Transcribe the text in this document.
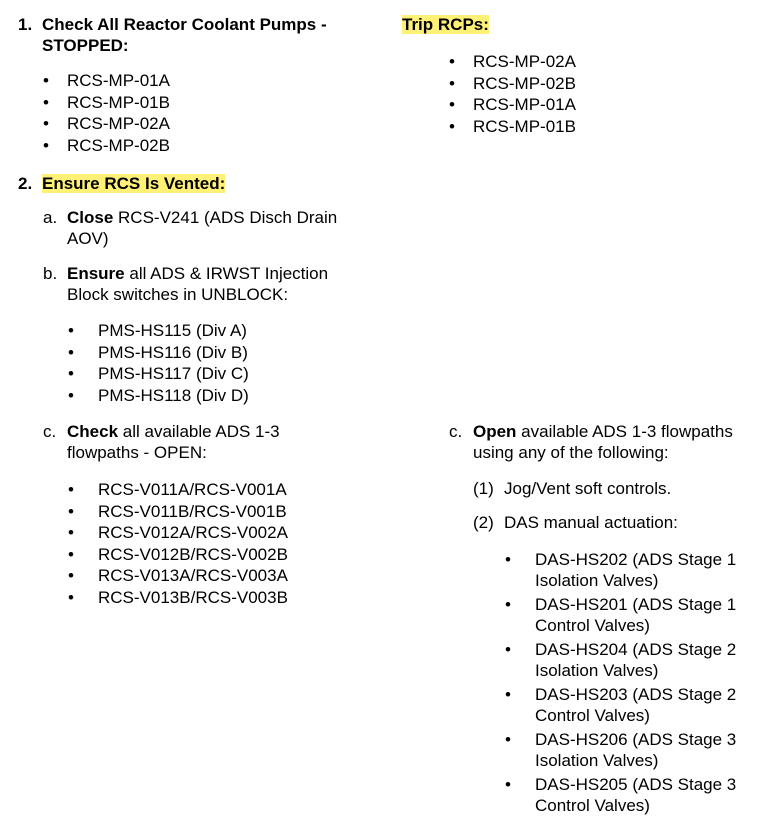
1. Check All Reactor Coolant Pumps -
STOPPED:
• RCS-MP-01A
• RCS-MP-01B
• RCS-MP-02A
• RCS-MP-02B
Trip RCPs:
• RCS-MP-02A
• RCS-MP-02B
• RCS-MP-01A
• RCS-MP-01B
2. Ensure RCS Is Vented:
a. Close RCS-V241 (ADS Disch Drain
AOV)
b. Ensure all ADS & IRWST Injection
Block switches in UNBLOCK:
• PMS-HS115 (Div A)
• PMS-HS116 (Div B)
• PMS-HS117 (Div C)
• PMS-HS118 (Div D)
c. Check all available ADS 1-3
flowpaths - OPEN:
• RCS-V011A/RCS-V001A
• RCS-V011B/RCS-V001B
• RCS-V012A/RCS-V002A
• RCS-V012B/RCS-V002B
• RCS-V013A/RCS-V003A
• RCS-V013B/RCS-V003B
c. Open available ADS 1-3 flowpaths
using any of the following:
(1) Jog/Vent soft controls.
(2) DAS manual actuation:
• DAS-HS202 (ADS Stage 1
Isolation Valves)
• DAS-HS201 (ADS Stage 1
Control Valves)
• DAS-HS204 (ADS Stage 2
Isolation Valves)
• DAS-HS203 (ADS Stage 2
Control Valves)
• DAS-HS206 (ADS Stage 3
Isolation Valves)
• DAS-HS205 (ADS Stage 3
Control Valves)
